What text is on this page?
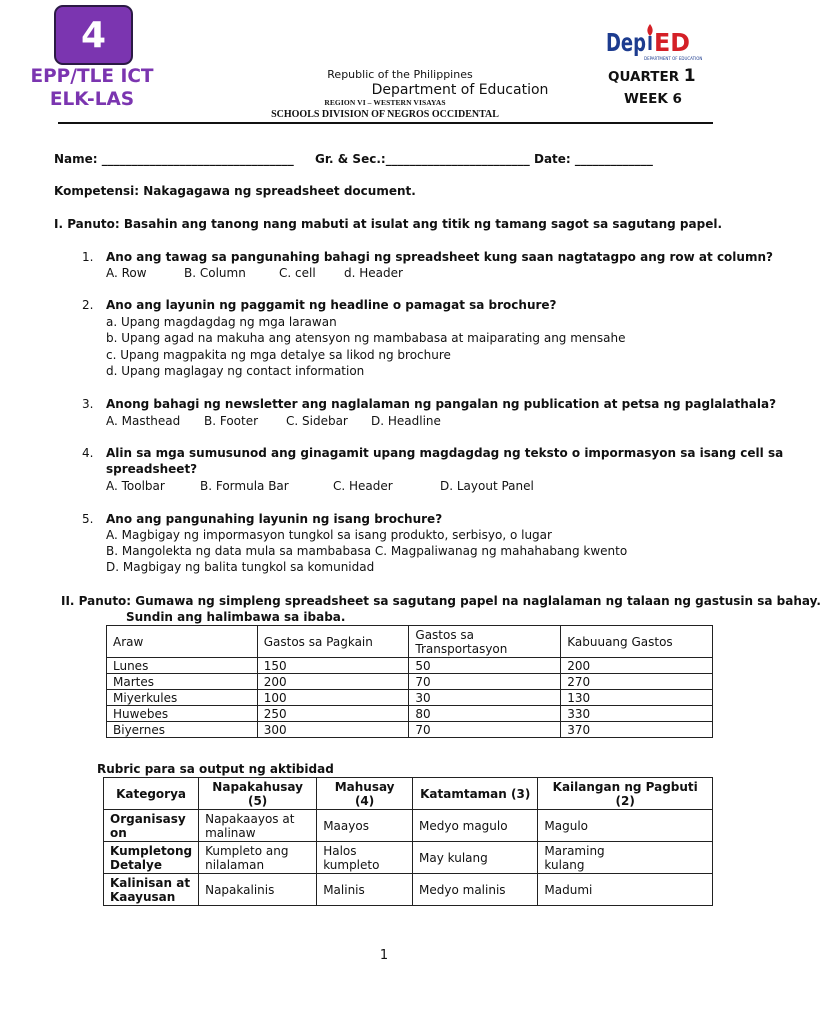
4
EPP/TLE ICT
ELK-LAS
Republic of the Philippines
Department of Education
REGION VI – WESTERN VISAYAS
SCHOOLS DIVISION OF NEGROS OCCIDENTAL
Dep ED
DEPARTMENT OF EDUCATION
QUARTER 1
WEEK 6
Name: ________________________________ Gr. & Sec.:________________________ Date: _____________
Kompetensi: Nakagagawa ng spreadsheet document.
I. Panuto: Basahin ang tanong nang mabuti at isulat ang titik ng tamang sagot sa sagutang papel.
1. Ano ang tawag sa pangunahing bahagi ng spreadsheet kung saan nagtatagpo ang row at column?
A. Row	B. Column	C. cell d. Header
2. Ano ang layunin ng paggamit ng headline o pamagat sa brochure?
a. Upang magdagdag ng mga larawan
b. Upang agad na makuha ang atensyon ng mambabasa at maiparating ang mensahe
c. Upang magpakita ng mga detalye sa likod ng brochure
d. Upang maglagay ng contact information
3. Anong bahagi ng newsletter ang naglalaman ng pangalan ng publication at petsa ng paglalathala?
A. Masthead B. Footer C. Sidebar D. Headline
4. Alin sa mga sumusunod ang ginagamit upang magdagdag ng teksto o impormasyon sa isang cell sa
spreadsheet?
A. Toolbar	B. Formula Bar	C. Header	D. Layout Panel
5. Ano ang pangunahing layunin ng isang brochure?
A. Magbigay ng impormasyon tungkol sa isang produkto, serbisyo, o lugar
B. Mangolekta ng data mula sa mambabasa C. Magpaliwanag ng mahahabang kwento
D. Magbigay ng balita tungkol sa komunidad
II. Panuto: Gumawa ng simpleng spreadsheet sa sagutang papel na naglalaman ng talaan ng gastusin sa bahay.
Sundin ang halimbawa sa ibaba.
Araw	Gastos sa Pagkain	Gastos sa Transportasyon	Kabuuang Gastos
Lunes	150	50	200
Martes	200	70	270
Miyerkules	100	30	130
Huwebes	250	80	330
Biyernes	300	70	370
Rubric para sa output ng aktibidad
Kategorya	Napakahusay (5)	Mahusay (4)	Katamtaman (3)	Kailangan ng Pagbuti (2)
Organisasyon	Napakaayos at malinaw	Maayos	Medyo magulo	Magulo
Kumpletong Detalye	Kumpleto ang nilalaman	Halos kumpleto	May kulang	Maraming kulang
Kalinisan at Kaayusan	Napakalinis	Malinis	Medyo malinis	Madumi
1
